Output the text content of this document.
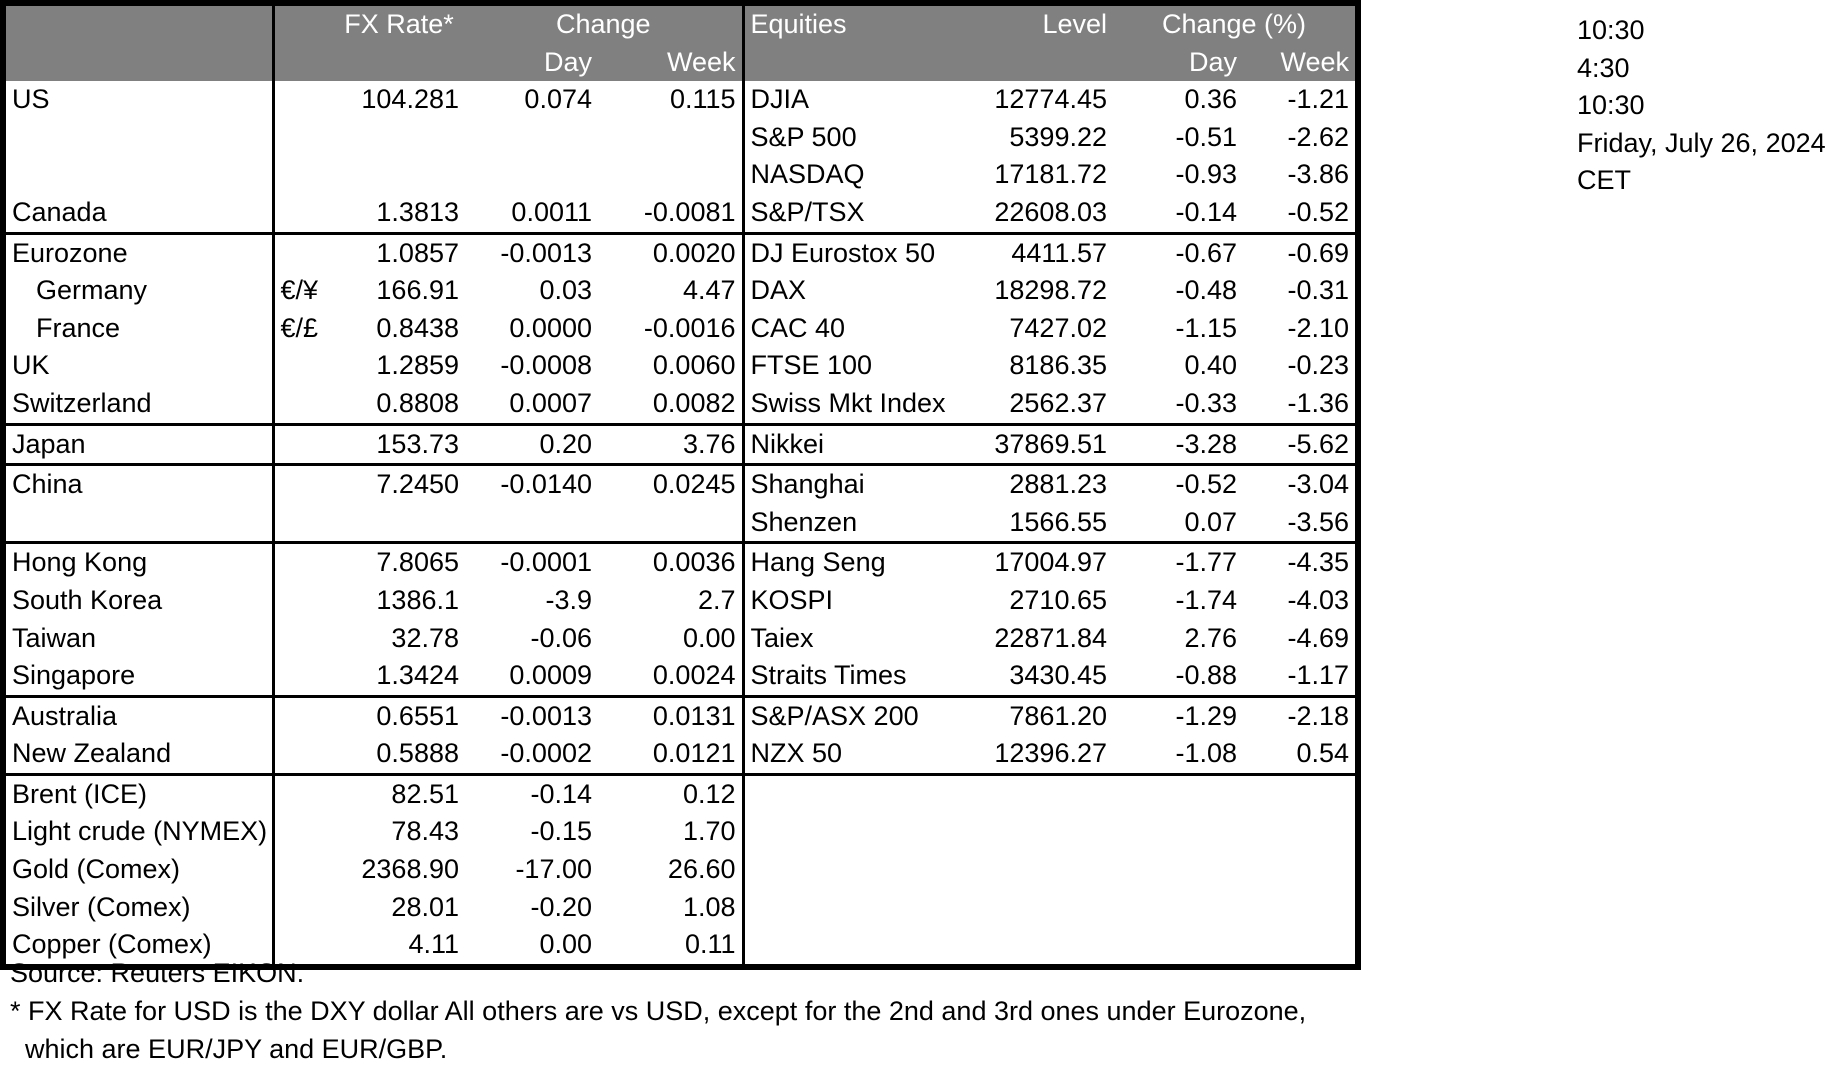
		FX Rate*	Change		Equities	Level	Change (%)	
			Day	Week			Day	Week
US		104.281	0.074	0.115	DJIA	12774.45	0.36	-1.21
					S&P 500	5399.22	-0.51	-2.62
					NASDAQ	17181.72	-0.93	-3.86
Canada		1.3813	0.0011	-0.0081	S&P/TSX	22608.03	-0.14	-0.52
Eurozone		1.0857	-0.0013	0.0020	DJ Eurostox 50	4411.57	-0.67	-0.69
Germany	€/¥	166.91	0.03	4.47	DAX	18298.72	-0.48	-0.31
France	€/£	0.8438	0.0000	-0.0016	CAC 40	7427.02	-1.15	-2.10
UK		1.2859	-0.0008	0.0060	FTSE 100	8186.35	0.40	-0.23
Switzerland		0.8808	0.0007	0.0082	Swiss Mkt Index	2562.37	-0.33	-1.36
Japan		153.73	0.20	3.76	Nikkei	37869.51	-3.28	-5.62
China		7.2450	-0.0140	0.0245	Shanghai	2881.23	-0.52	-3.04
					Shenzen	1566.55	0.07	-3.56
Hong Kong		7.8065	-0.0001	0.0036	Hang Seng	17004.97	-1.77	-4.35
South Korea		1386.1	-3.9	2.7	KOSPI	2710.65	-1.74	-4.03
Taiwan		32.78	-0.06	0.00	Taiex	22871.84	2.76	-4.69
Singapore		1.3424	0.0009	0.0024	Straits Times	3430.45	-0.88	-1.17
Australia		0.6551	-0.0013	0.0131	S&P/ASX 200	7861.20	-1.29	-2.18
New Zealand		0.5888	-0.0002	0.0121	NZX 50	12396.27	-1.08	0.54
Brent (ICE)		82.51	-0.14	0.12				
Light crude (NYMEX)		78.43	-0.15	1.70				
Gold (Comex)		2368.90	-17.00	26.60				
Silver (Comex)		28.01	-0.20	1.08				
Copper (Comex)		4.11	0.00	0.11				
Source: Reuters EIKON.
* FX Rate for USD is the DXY dollar All others are vs USD, except for the 2nd and 3rd ones under Eurozone,
which are EUR/JPY and EUR/GBP.
10:30
4:30
10:30
Friday, July 26, 2024
CET
